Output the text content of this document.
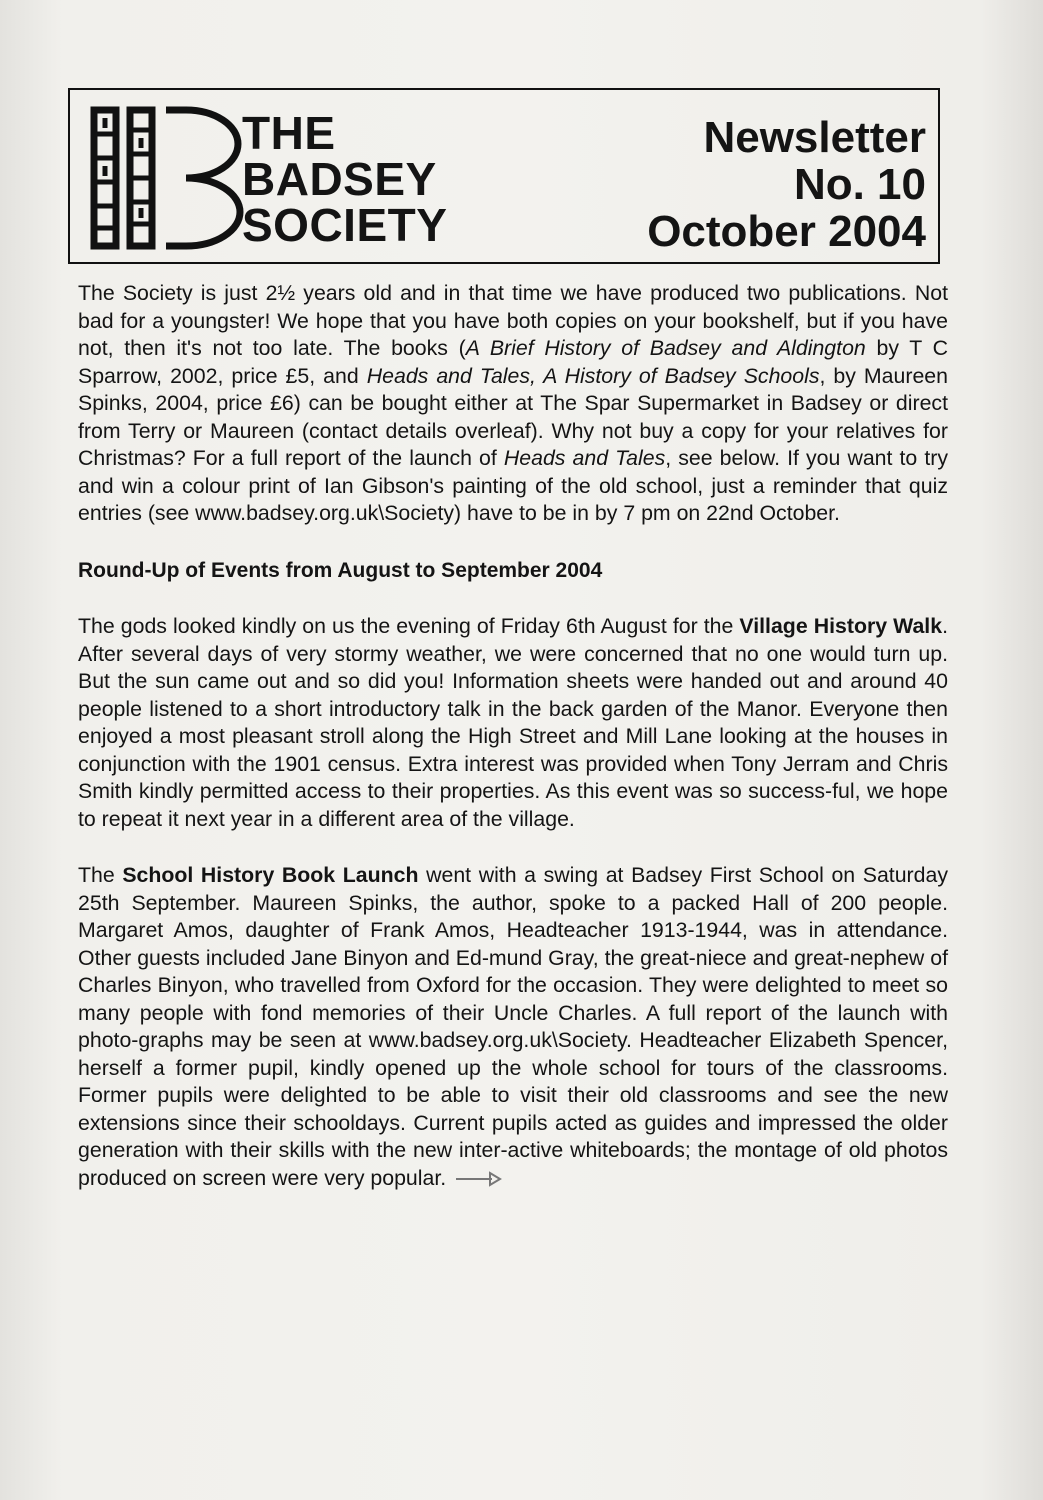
THE
BADSEY
SOCIETY
Newsletter
No. 10
October 2004

The Society is just 2½ years old and in that time we have produced two publications. Not bad for a youngster! We hope that you have both copies on your bookshelf, but if you have not, then it's not too late. The books (A Brief History of Badsey and Aldington by T C Sparrow, 2002, price £5, and Heads and Tales, A History of Badsey Schools, by Maureen Spinks, 2004, price £6) can be bought either at The Spar Supermarket in Badsey or direct from Terry or Maureen (contact details overleaf). Why not buy a copy for your relatives for Christmas? For a full report of the launch of Heads and Tales, see below. If you want to try and win a colour print of Ian Gibson's painting of the old school, just a reminder that quiz entries (see www.badsey.org.uk\Society) have to be in by 7 pm on 22nd October.

Round-Up of Events from August to September 2004

The gods looked kindly on us the evening of Friday 6th August for the Village History Walk. After several days of very stormy weather, we were concerned that no one would turn up. But the sun came out and so did you! Information sheets were handed out and around 40 people listened to a short introductory talk in the back garden of the Manor. Everyone then enjoyed a most pleasant stroll along the High Street and Mill Lane looking at the houses in conjunction with the 1901 census. Extra interest was provided when Tony Jerram and Chris Smith kindly permitted access to their properties. As this event was so success-ful, we hope to repeat it next year in a different area of the village.

The School History Book Launch went with a swing at Badsey First School on Saturday 25th September. Maureen Spinks, the author, spoke to a packed Hall of 200 people. Margaret Amos, daughter of Frank Amos, Headteacher 1913-1944, was in attendance. Other guests included Jane Binyon and Ed-mund Gray, the great-niece and great-nephew of Charles Binyon, who travelled from Oxford for the occasion. They were delighted to meet so many people with fond memories of their Uncle Charles. A full report of the launch with photo-graphs may be seen at www.badsey.org.uk\Society. Headteacher Elizabeth Spencer, herself a former pupil, kindly opened up the whole school for tours of the classrooms. Former pupils were delighted to be able to visit their old classrooms and see the new extensions since their schooldays. Current pupils acted as guides and impressed the older generation with their skills with the new inter-active whiteboards; the montage of old photos produced on screen were very popular.
